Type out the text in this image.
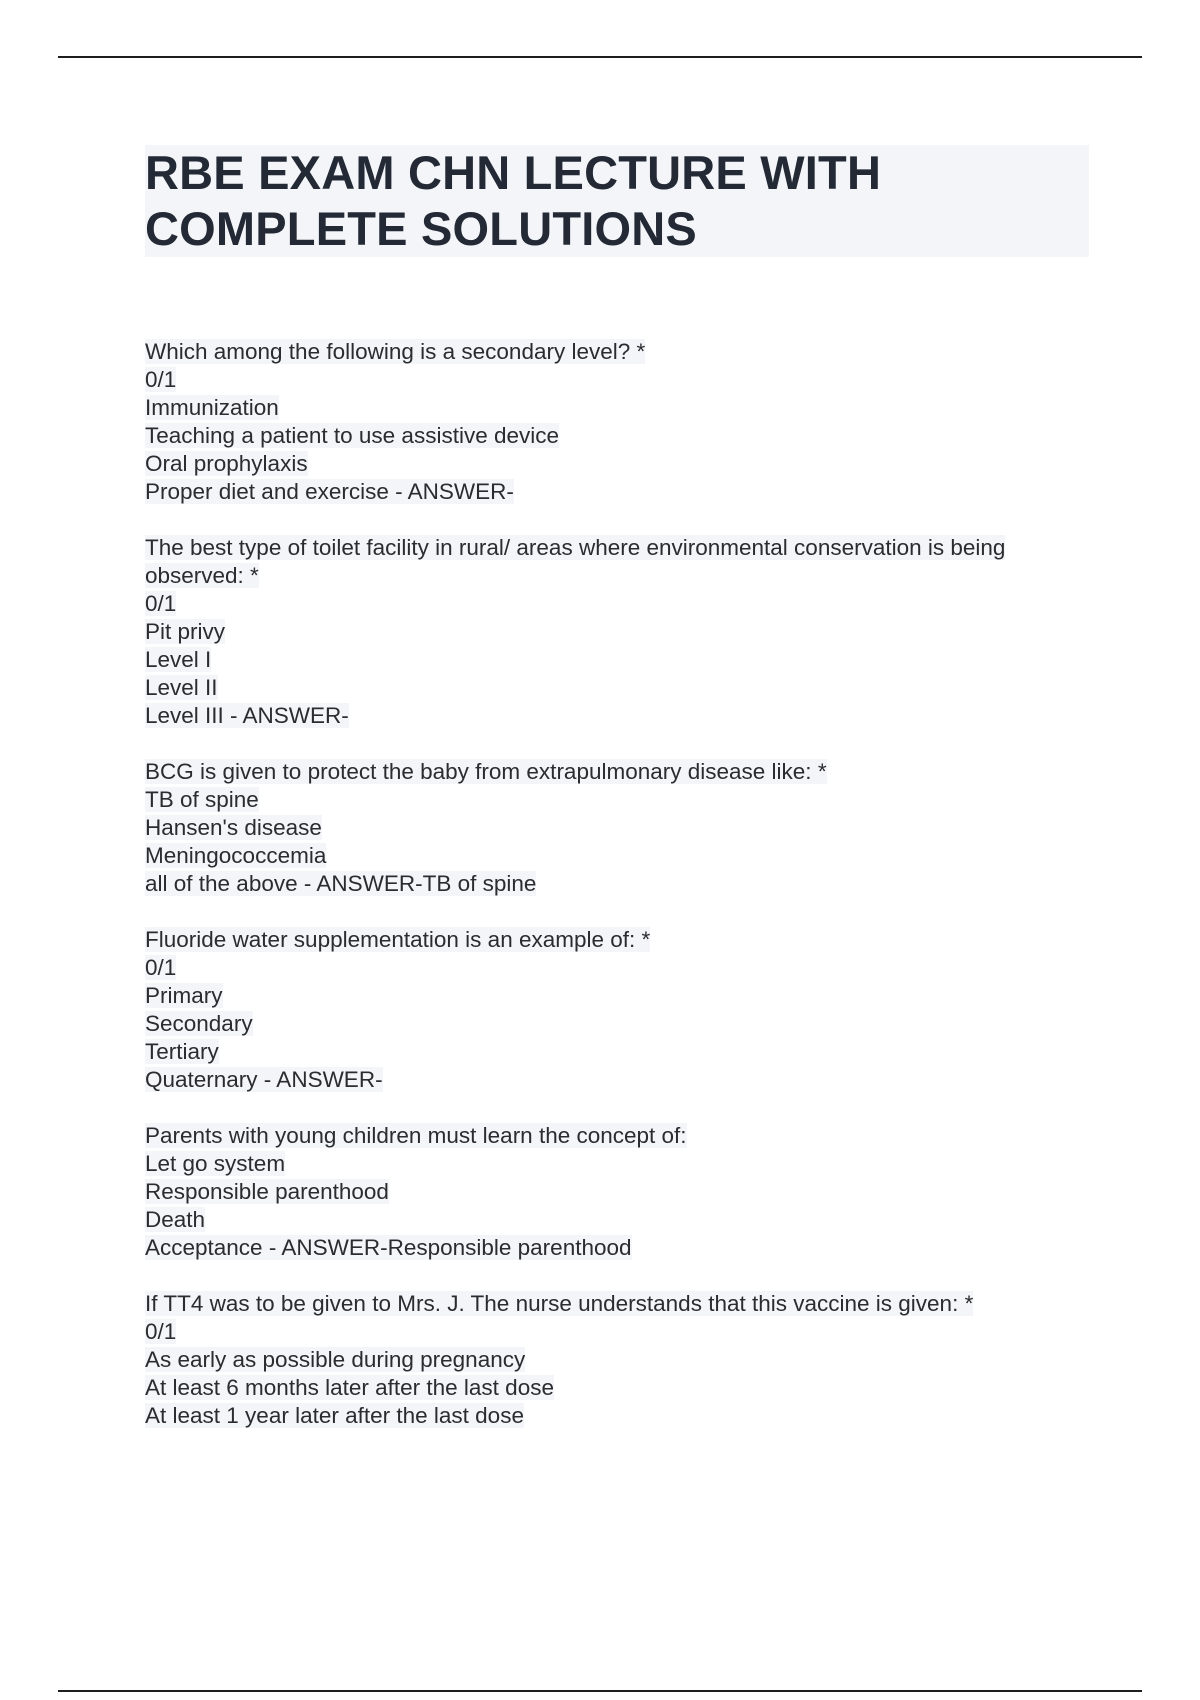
RBE EXAM CHN LECTURE WITH
COMPLETE SOLUTIONS
Which among the following is a secondary level? *
0/1
Immunization
Teaching a patient to use assistive device
Oral prophylaxis
Proper diet and exercise - ANSWER-
The best type of toilet facility in rural/ areas where environmental conservation is being
observed: *
0/1
Pit privy
Level I
Level II
Level III - ANSWER-
BCG is given to protect the baby from extrapulmonary disease like: *
TB of spine
Hansen's disease
Meningococcemia
all of the above - ANSWER-TB of spine
Fluoride water supplementation is an example of: *
0/1
Primary
Secondary
Tertiary
Quaternary - ANSWER-
Parents with young children must learn the concept of:
Let go system
Responsible parenthood
Death
Acceptance - ANSWER-Responsible parenthood
If TT4 was to be given to Mrs. J. The nurse understands that this vaccine is given: *
0/1
As early as possible during pregnancy
At least 6 months later after the last dose
At least 1 year later after the last dose
